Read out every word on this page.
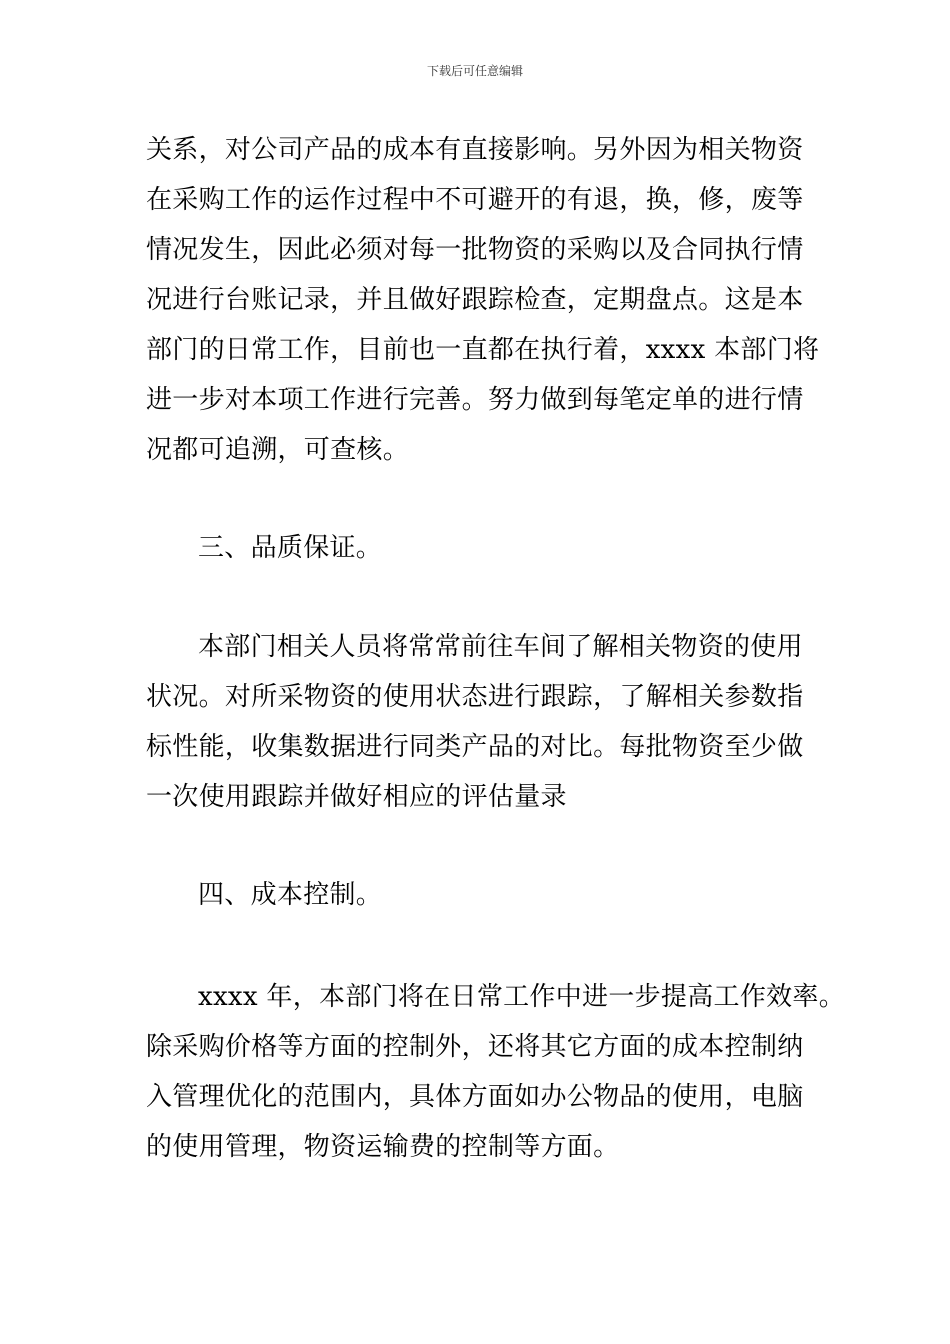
下载后可任意编辑
关系，对公司产品的成本有直接影响。另外因为相关物资
在采购工作的运作过程中不可避开的有退，换，修，废等
情况发生，因此必须对每一批物资的采购以及合同执行情
况进行台账记录，并且做好跟踪检查，定期盘点。这是本
部门的日常工作，目前也一直都在执行着，xxxx 本部门将
进一步对本项工作进行完善。努力做到每笔定单的进行情
况都可追溯，可查核。
三、品质保证。
本部门相关人员将常常前往车间了解相关物资的使用
状况。对所采物资的使用状态进行跟踪，了解相关参数指
标性能，收集数据进行同类产品的对比。每批物资至少做
一次使用跟踪并做好相应的评估量录
四、成本控制。
xxxx 年，本部门将在日常工作中进一步提高工作效率。
除采购价格等方面的控制外，还将其它方面的成本控制纳
入管理优化的范围内，具体方面如办公物品的使用，电脑
的使用管理，物资运输费的控制等方面。
